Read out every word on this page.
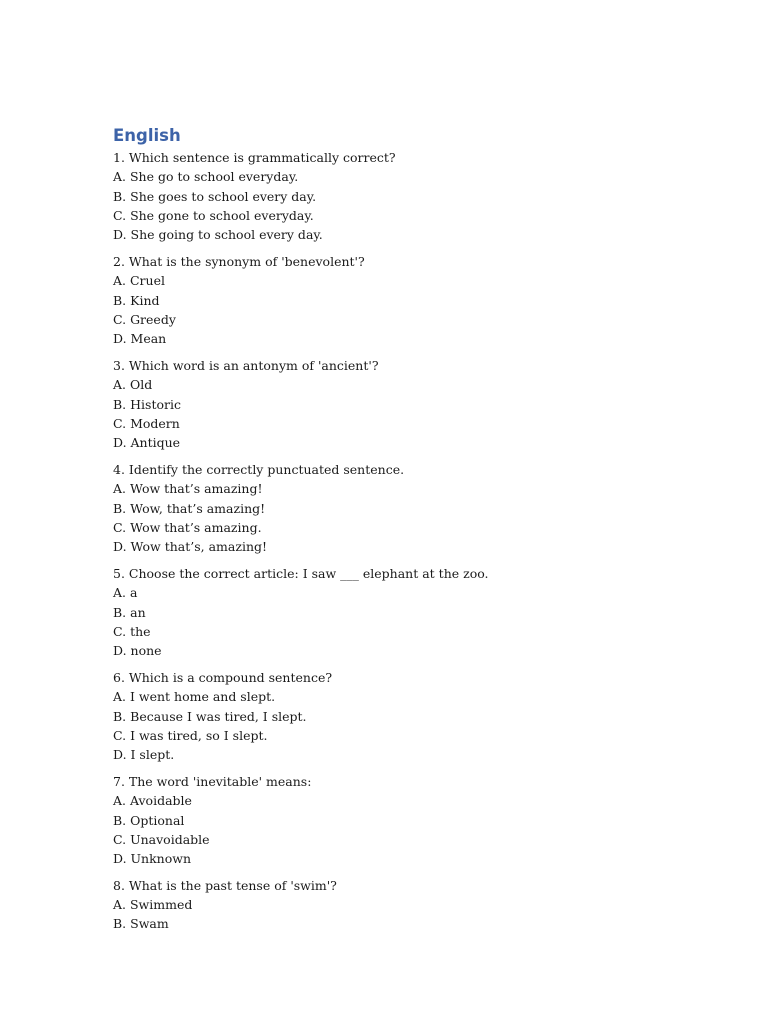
English
1. Which sentence is grammatically correct?
A. She go to school everyday.
B. She goes to school every day.
C. She gone to school everyday.
D. She going to school every day.
2. What is the synonym of 'benevolent'?
A. Cruel
B. Kind
C. Greedy
D. Mean
3. Which word is an antonym of 'ancient'?
A. Old
B. Historic
C. Modern
D. Antique
4. Identify the correctly punctuated sentence.
A. Wow that’s amazing!
B. Wow, that’s amazing!
C. Wow that’s amazing.
D. Wow that’s, amazing!
5. Choose the correct article: I saw ___ elephant at the zoo.
A. a
B. an
C. the
D. none
6. Which is a compound sentence?
A. I went home and slept.
B. Because I was tired, I slept.
C. I was tired, so I slept.
D. I slept.
7. The word 'inevitable' means:
A. Avoidable
B. Optional
C. Unavoidable
D. Unknown
8. What is the past tense of 'swim'?
A. Swimmed
B. Swam
